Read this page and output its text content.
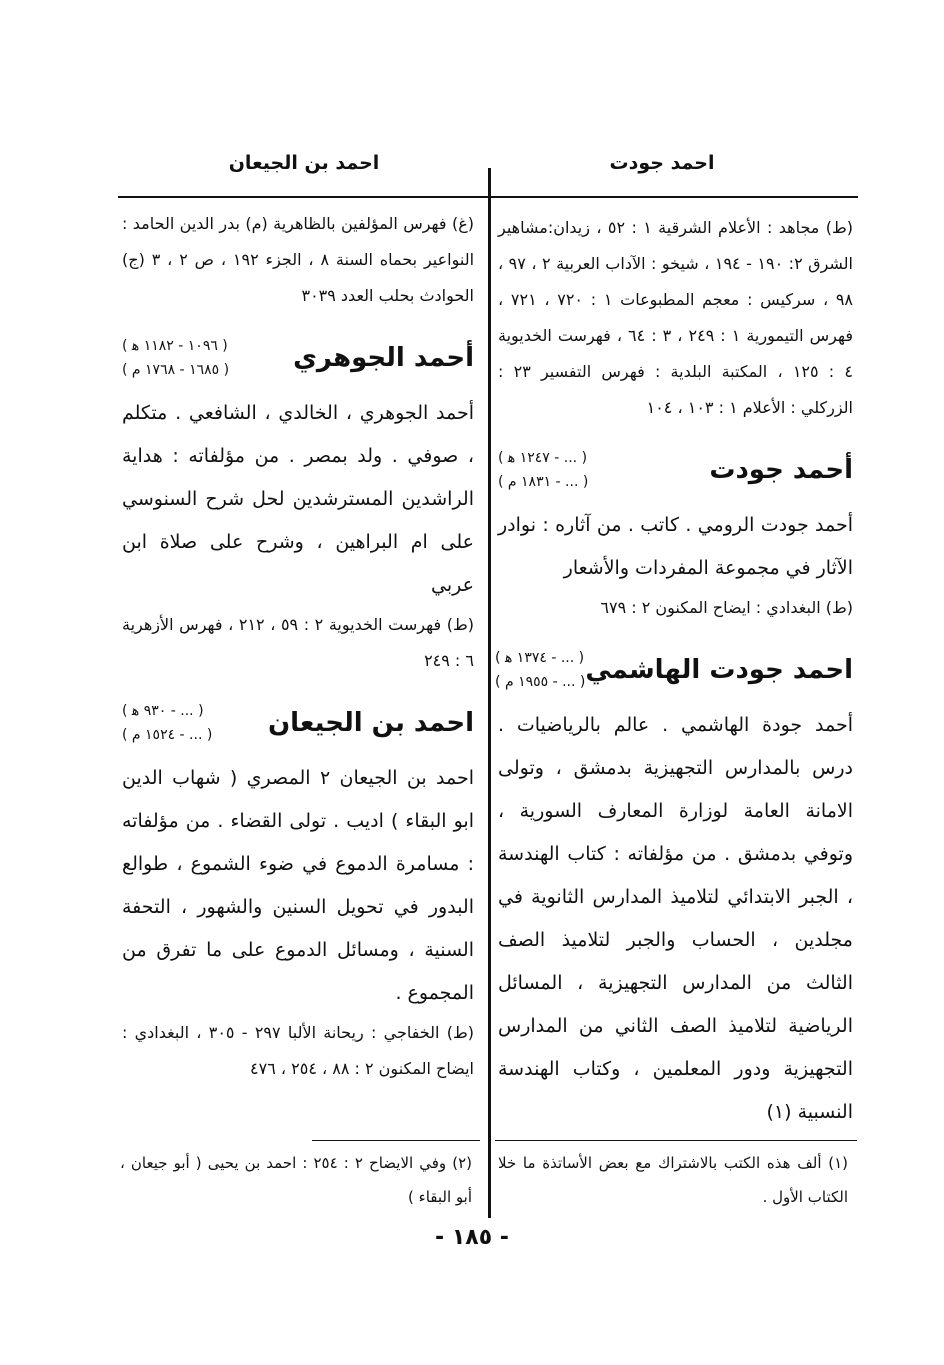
احمد جودت
احمد بن الجيعان

(ط) مجاهد : الأعلام الشرقية ١ : ٥٢ ، زيدان:مشاهير الشرق ٢: ١٩٠ - ١٩٤ ، شيخو : الآداب العربية ٢ ، ٩٧ ، ٩٨ ، سركيس : معجم المطبوعات ١ : ٧٢٠ ، ٧٢١ ، فهرس التيمورية ١ : ٢٤٩ ، ٣ : ٦٤ ، فهرست الخديوية ٤ : ١٢٥ ، المكتبة البلدية : فهرس التفسير ٢٣ : الزركلي : الأعلام ١ : ١٠٣ ، ١٠٤

أحمد جودت
( ... - ١٢٤٧ ﻫ )
( ... - ١٨٣١ م )

أحمد جودت الرومي . كاتب . من آثاره : نوادر الآثار في مجموعة المفردات والأشعار

(ط) البغدادي : ايضاح المكنون ٢ : ٦٧٩

احمد جودت الهاشمي
( ... - ١٣٧٤ ﻫ )
( ... - ١٩٥٥ م )

أحمد جودة الهاشمي . عالم بالرياضيات . درس بالمدارس التجهيزية بدمشق ، وتولى الامانة العامة لوزارة المعارف السورية ، وتوفي بدمشق . من مؤلفاته : كتاب الهندسة ، الجبر الابتدائي لتلاميذ المدارس الثانوية في مجلدين ، الحساب والجبر لتلاميذ الصف الثالث من المدارس التجهيزية ، المسائل الرياضية لتلاميذ الصف الثاني من المدارس التجهيزية ودور المعلمين ، وكتاب الهندسة النسبية (١)

(غ) فهرس المؤلفين بالظاهرية (م) بدر الدين الحامد : النواعير بحماه السنة ٨ ، الجزء ١٩٢ ، ص ٢ ، ٣ (ج) الحوادث بحلب العدد ٣٠٣٩

أحمد الجوهري
( ١٠٩٦ - ١١٨٢ ﻫ )
( ١٦٨٥ - ١٧٦٨ م )

أحمد الجوهري ، الخالدي ، الشافعي . متكلم ، صوفي . ولد بمصر . من مؤلفاته : هداية الراشدين المسترشدين لحل شرح السنوسي على ام البراهين ، وشرح على صلاة ابن عربي

(ط) فهرست الخديوية ٢ : ٥٩ ، ٢١٢ ، فهرس الأزهرية ٦ : ٢٤٩

احمد بن الجيعان
( ... - ٩٣٠ ﻫ )
( ... - ١٥٢٤ م )

احمد بن الجيعان ٢ المصري ( شهاب الدين ابو البقاء ) اديب . تولى القضاء . من مؤلفاته : مسامرة الدموع في ضوء الشموع ، طوالع البدور في تحويل السنين والشهور ، التحفة السنية ، ومسائل الدموع على ما تفرق من المجموع .

(ط) الخفاجي : ريحانة الألبا ٢٩٧ - ٣٠٥ ، البغدادي : ايضاح المكنون ٢ : ٨٨ ، ٢٥٤ ، ٤٧٦

(١) ألف هذه الكتب بالاشتراك مع بعض الأساتذة ما خلا الكتاب الأول .
(٢) وفي الايضاح ٢ : ٢٥٤ : احمد بن يحيى ( أبو جيعان ، أبو البقاء )
- ١٨٥ -
